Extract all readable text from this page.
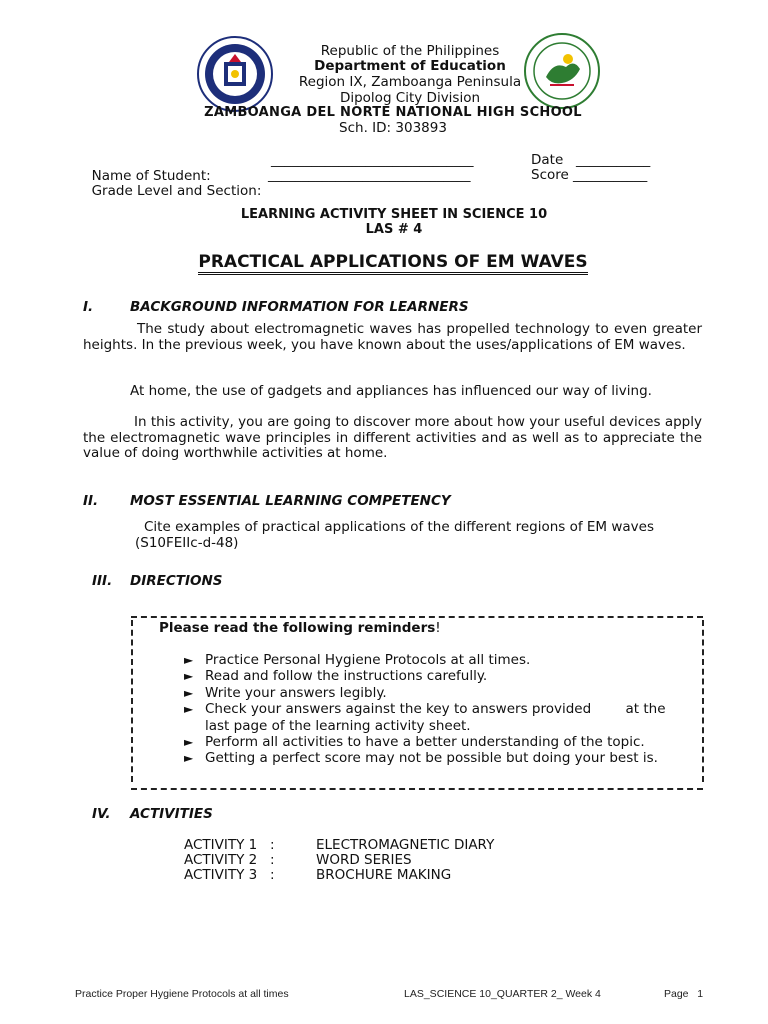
Republic of the Philippines
Department of Education
Region IX, Zamboanga Peninsula
Dipolog City Division
ZAMBOANGA DEL NORTE NATIONAL HIGH SCHOOL
Sch. ID: 303893

Name of Student:

______________________________	Date ___________

Grade Level and Section:

______________________________	Score ___________
LEARNING ACTIVITY SHEET IN SCIENCE 10
LAS # 4
PRACTICAL APPLICATIONS OF EM WAVES
I.	BACKGROUND INFORMATION FOR LEARNERS
The study about electromagnetic waves has propelled technology to even greater heights. In the previous week, you have known about the uses/applications of EM waves.
At home, the use of gadgets and appliances has influenced our way of living.
In this activity, you are going to discover more about how your useful devices apply the electromagnetic wave principles in different activities and as well as to appreciate the value of doing worthwhile activities at home.
II. MOST ESSENTIAL LEARNING COMPETENCY
Cite examples of practical applications of the different regions of EM waves
(S10FEIIc-d-48)
III. DIRECTIONS
Please read the following reminders!
► Practice Personal Hygiene Protocols at all times.
► Read and follow the instructions carefully.
► Write your answers legibly.
► Check your answers against the key to answers provided        at the last page of the learning activity sheet.
► Perform all activities to have a better understanding of the topic.
► Getting a perfect score may not be possible but doing your best is.
IV. ACTIVITIES
ACTIVITY 1 :	ELECTROMAGNETIC DIARY
ACTIVITY 2 :	WORD SERIES
ACTIVITY 3 :	BROCHURE MAKING
Practice Proper Hygiene Protocols at all times	LAS_SCIENCE 10_QUARTER 2_ Week 4	Page 1
